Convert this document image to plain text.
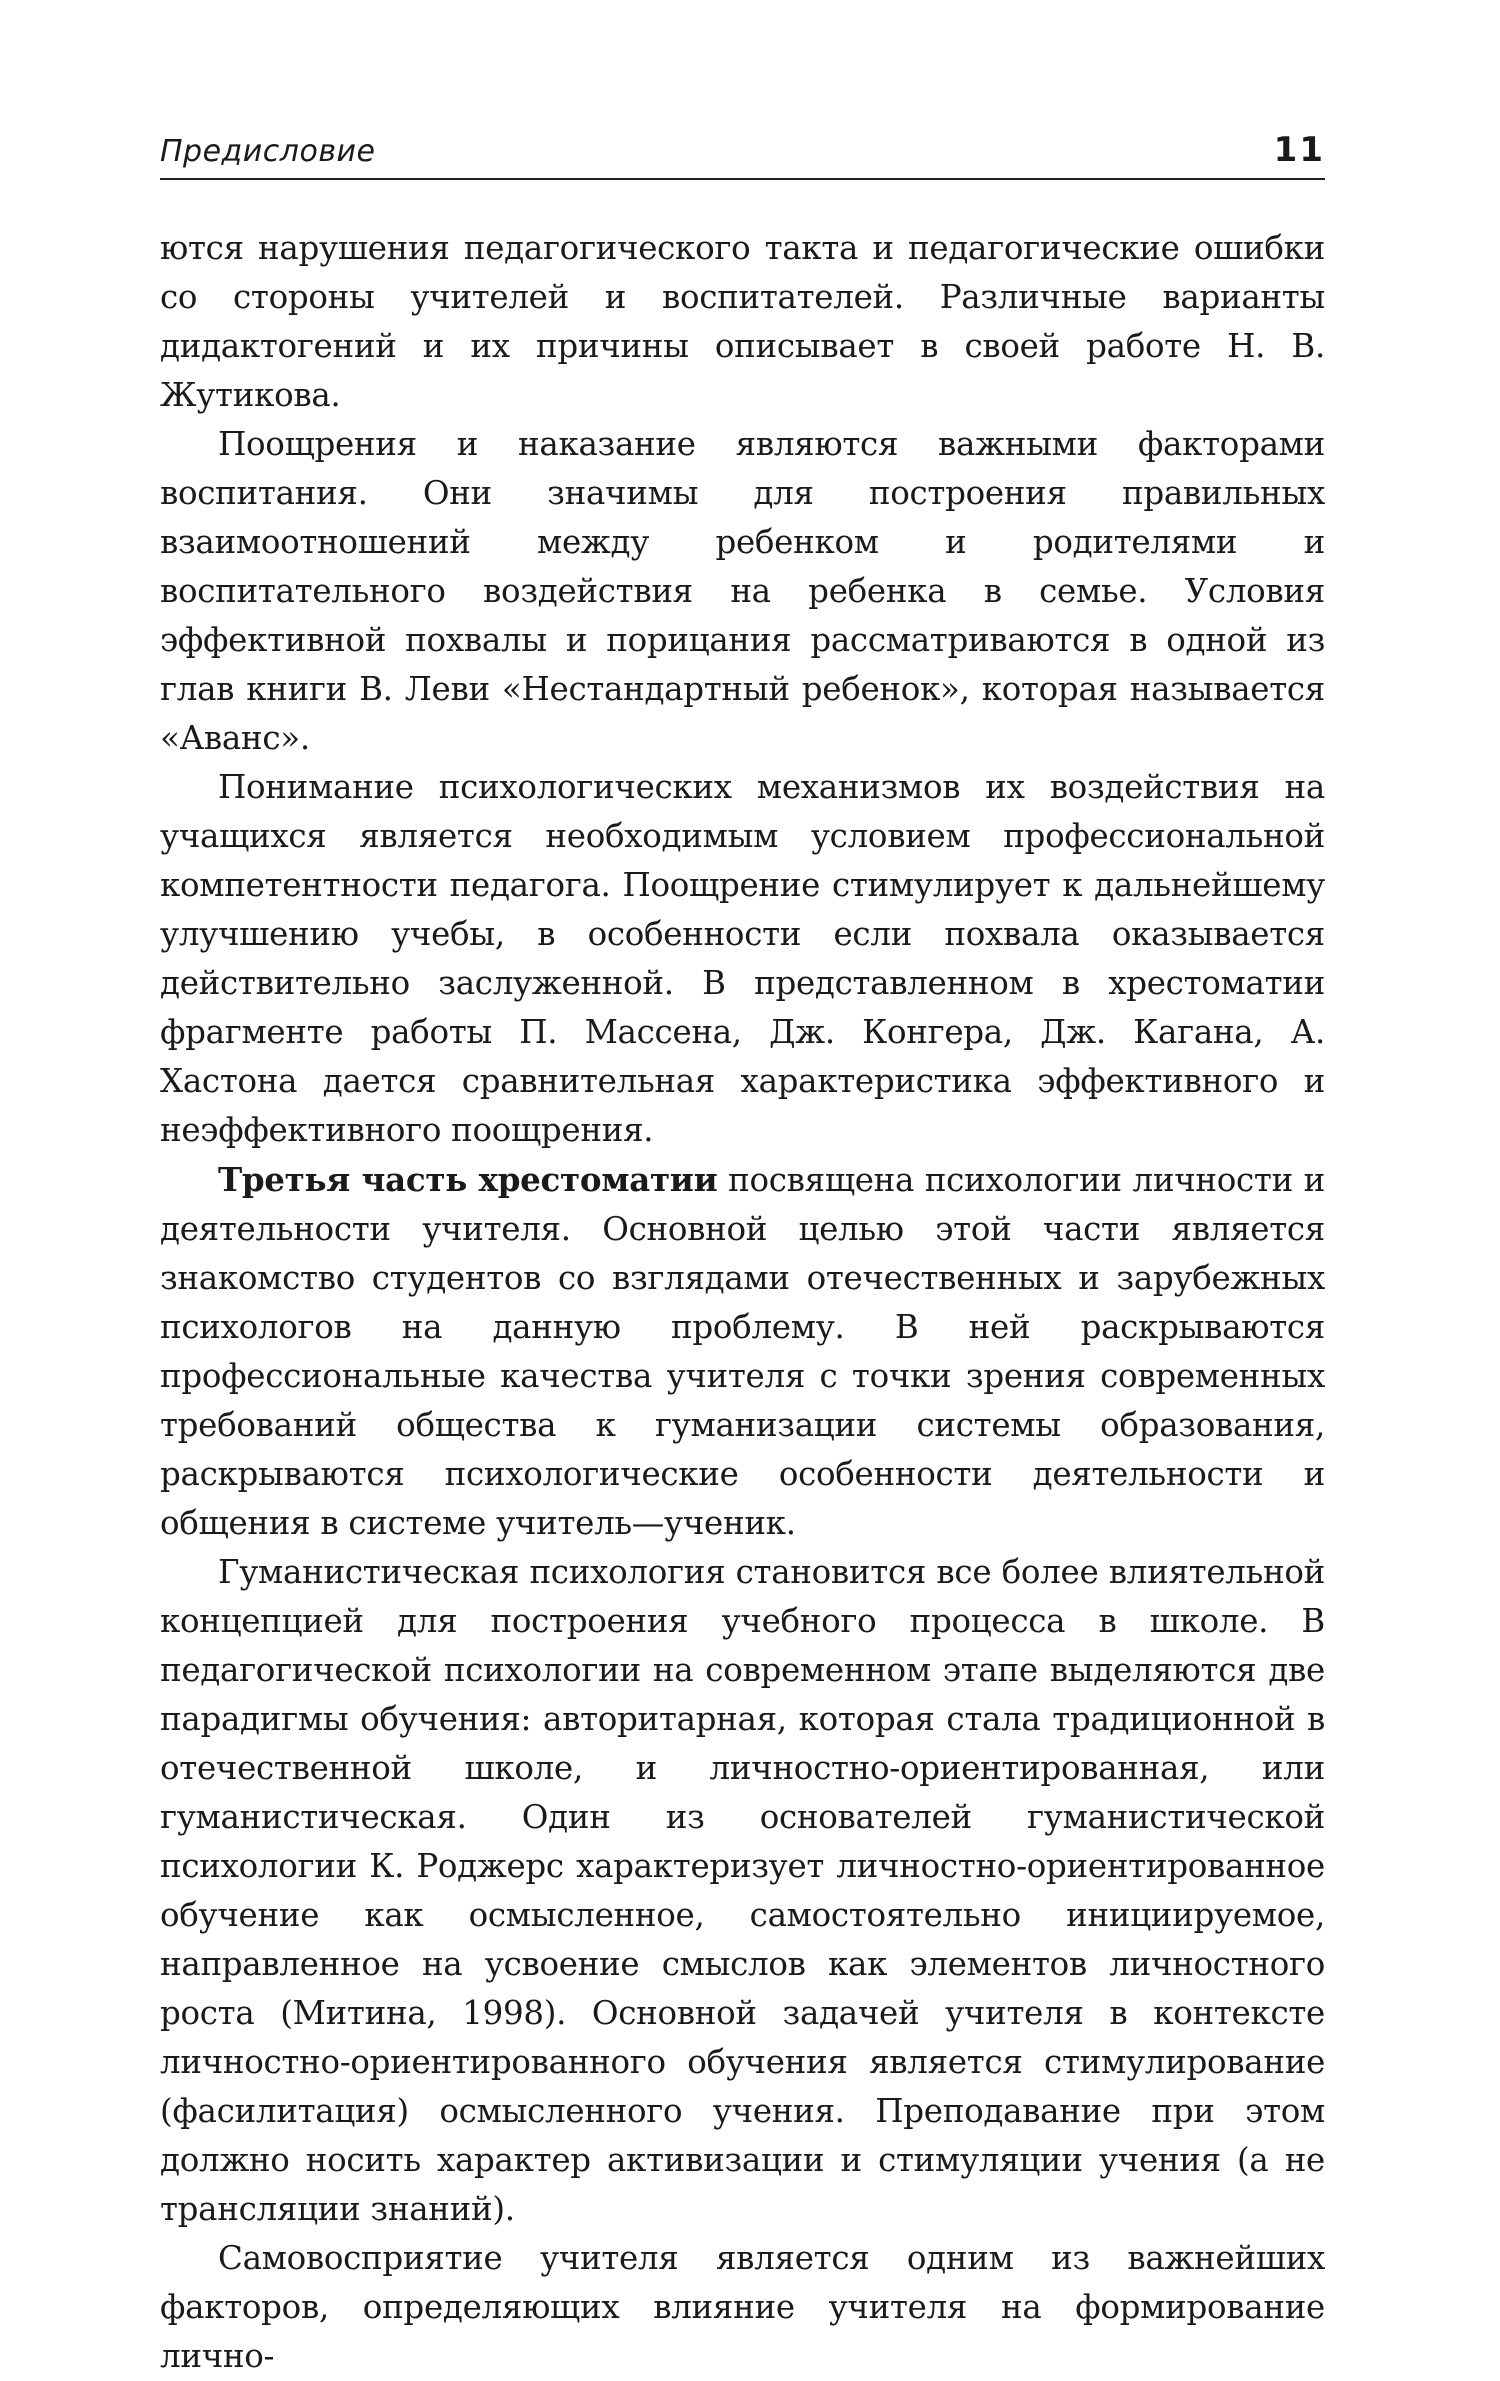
Предисловие	11

ются нарушения педагогического такта и педагогические ошибки со стороны учителей и воспитателей. Различные варианты дидактогений и их причины описывает в своей работе Н. В. Жутикова.

Поощрения и наказание являются важными факторами воспитания. Они значимы для построения правильных взаимоотношений между ребенком и родителями и воспитательного воздействия на ребенка в семье. Условия эффективной похвалы и порицания рассматриваются в одной из глав книги В. Леви «Нестандартный ребенок», которая называется «Аванс».

Понимание психологических механизмов их воздействия на учащихся является необходимым условием профессиональной компетентности педагога. Поощрение стимулирует к дальнейшему улучшению учебы, в особенности если похвала оказывается действительно заслуженной. В представленном в хрестоматии фрагменте работы П. Массена, Дж. Конгера, Дж. Кагана, А. Хастона дается сравнительная характеристика эффективного и неэффективного поощрения.

Третья часть хрестоматии посвящена психологии личности и деятельности учителя. Основной целью этой части является знакомство студентов со взглядами отечественных и зарубежных психологов на данную проблему. В ней раскрываются профессиональные качества учителя с точки зрения современных требований общества к гуманизации системы образования, раскрываются психологические особенности деятельности и общения в системе учитель—ученик.

Гуманистическая психология становится все более влиятельной концепцией для построения учебного процесса в школе. В педагогической психологии на современном этапе выделяются две парадигмы обучения: авторитарная, которая стала традиционной в отечественной школе, и личностно-ориентированная, или гуманистическая. Один из основателей гуманистической психологии К. Роджерс характеризует личностно-ориентированное обучение как осмысленное, самостоятельно инициируемое, направленное на усвоение смыслов как элементов личностного роста (Митина, 1998). Основной задачей учителя в контексте личностно-ориентированного обучения является стимулирование (фасилитация) осмысленного учения. Преподавание при этом должно носить характер активизации и стимуляции учения (а не трансляции знаний).

Самовосприятие учителя является одним из важнейших факторов, определяющих влияние учителя на формирование лично-
